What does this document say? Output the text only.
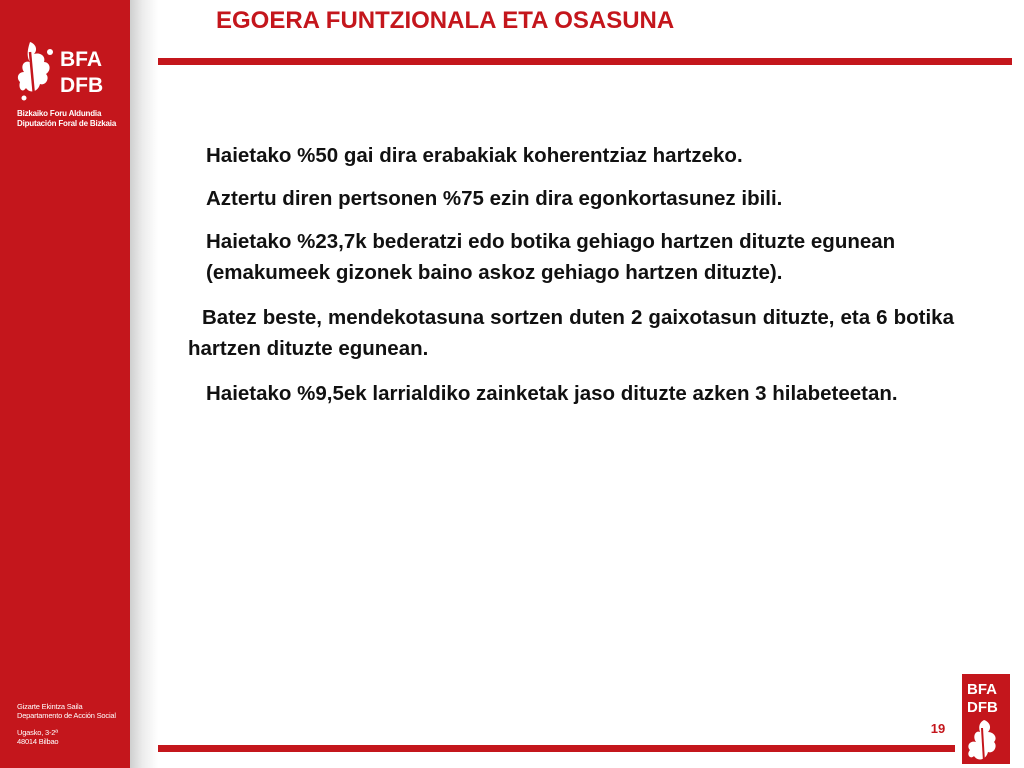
BFA
DFB
Bizkaiko Foru Aldundia
Diputación Foral de Bizkaia
Gizarte Ekintza Saila
Departamento de Acción Social
Ugasko, 3-2ª
48014 Bilbao
EGOERA FUNTZIONALA ETA OSASUNA

Haietako %50 gai dira erabakiak koherentziaz hartzeko.

Aztertu diren pertsonen %75 ezin dira egonkortasunez ibili.

Haietako %23,7k bederatzi edo botika gehiago hartzen dituzte egunean (emakumeek gizonek baino askoz gehiago hartzen dituzte).

Batez beste, mendekotasuna sortzen duten 2 gaixotasun dituzte, eta 6 botika hartzen dituzte egunean.

Haietako %9,5ek larrialdiko zainketak jaso dituzte azken 3 hilabeteetan.

19
BFA
DFB
